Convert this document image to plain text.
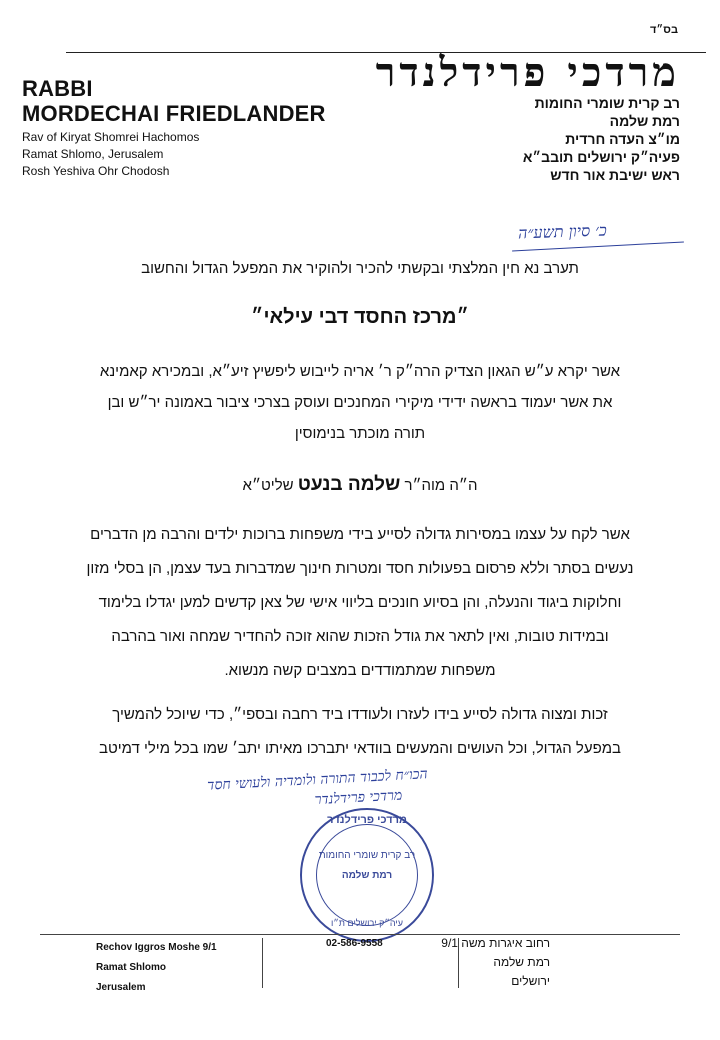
בס״ד
מרדכי פרידלנדר
רב קרית שומרי החומות
רמת שלמה
מו״צ העדה חרדית
פעיה״ק ירושלים תובב״א
ראש ישיבת אור חדש
RABBI
MORDECHAI FRIEDLANDER
Rav of Kiryat Shomrei Hachomos
Ramat Shlomo, Jerusalem
Rosh Yeshiva Ohr Chodosh
כ׳ סיון תשע״ה
תערב נא חין המלצתי ובקשתי להכיר ולהוקיר את המפעל הגדול והחשוב
״מרכז החסד דבי עילאי״
אשר יקרא ע״ש הגאון הצדיק הרה״ק ר׳ אריה לייבוש ליפשיץ זיע״א, ובמכירא קאמינא
את אשר יעמוד בראשה ידידי מיקירי המחנכים ועוסק בצרכי ציבור באמונה יר״ש ובן
תורה מוכתר בנימוסין
ה״ה מוה״ר שלמה בנעט שליט״א
אשר לקח על עצמו במסירות גדולה לסייע בידי משפחות ברוכות ילדים והרבה מן הדברים
נעשים בסתר וללא פרסום בפעולות חסד ומטרות חינוך שמדברות בעד עצמן, הן בסלי מזון
וחלוקות ביגוד והנעלה, והן בסיוע חונכים בליווי אישי של צאן קדשים למען יגדלו בלימוד
ובמידות טובות, ואין לתאר את גודל הזכות שהוא זוכה להחדיר שמחה ואור בהרבה
משפחות שמתמודדים במצבים קשה מנשוא.
זכות ומצוה גדולה לסייע בידו לעזרו ולעודדו ביד רחבה ובספי״, כדי שיוכל להמשיך
במפעל הגדול, וכל העושים והמעשים בוודאי יתברכו מאיתו יתב׳ שמו בכל מילי דמיטב
הכו״ח לכבוד התורה ולומדיה ולעושי חסד
מרדכי פרידלנדר
מרדכי פרידלנדר
רב קרית שומרי החומות
רמת שלמה
עיה״ק ירושלים ת״ו
Rechov Iggros Moshe 9/1
Ramat Shlomo
Jerusalem
02-586-9558	רחוב איגרות משה 9/1
רמת שלמה
ירושלים
